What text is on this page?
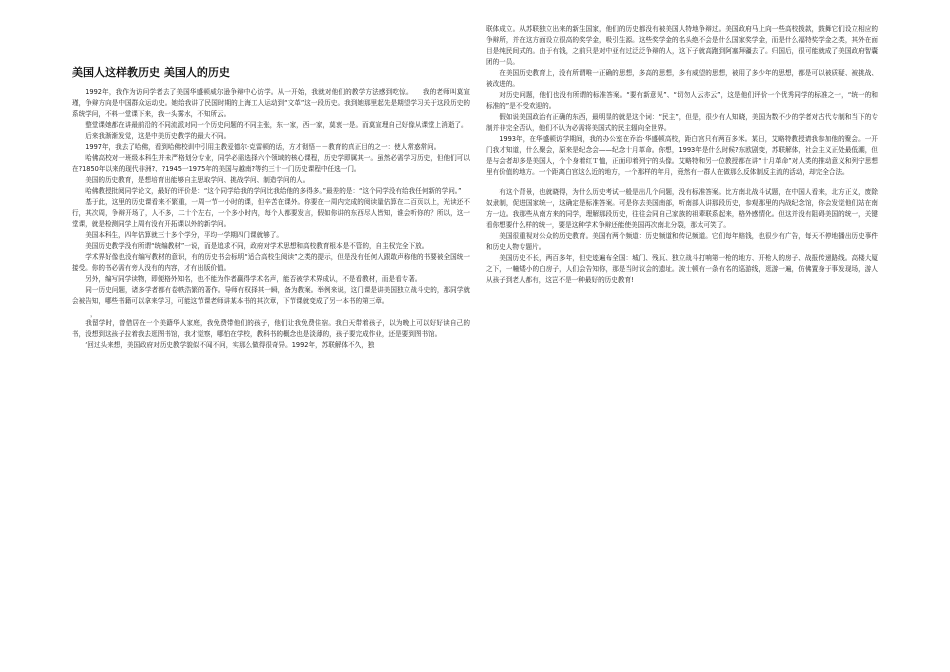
美国人这样教历史 美国人的历史

1992年，我作为访问学者去了美国华盛顿威尔逊争辩中心访学。从一开始，我就对他们的教学方法感到吃惊。　　我的老师叫莫宣瑾，争辩方向是中国群众运动史。她给我讲了民国时期的上海工人运动到“文革”这一段历史。我到她那里起先是期望学习关于这段历史的系统学问，不料一堂课下来，我一头雾水，不知所云。

整堂课她都在讲最前沿的不同流派对同一个历史问题的不同主张，东一家，西一家，莫衷一是。而莫宣理自己好像从课堂上消逝了。

后来我渐渐发觉，这是中美历史教学的最大不同。

1997年，我去了哈佛，看到哈佛校训中引用主教爱德尔·克雷顿的话，方才彻悟－－教育的真正目的之一：使人常惑常问。

哈佛高校对一班级本科生并未严格划分专业，同学必需选择六个领域的核心课程，历史学即属其一。虽然必需学习历史，但他们可以在?1850年以来的现代非洲?、?1945一1975年的美国与越南?等约三十一门历史课程中任选一门。

美国的历史教育，是想培育出能够自主思取学问、挑战学问、制造学问的人。

哈佛教授批阅同学论文，最好的评价是：“这个同学给我的学问比我给他的多得多。”最差的是：“这个同学没有给我任何新的学问。”

基于此，这里的历史课看来不繁重，一周一节一小时的课，但辛苦在课外。你要在一周内完成的阅读量估算在二百页以上，光读还不行，其次周，争辩开场了，人不多，二十个左右，一个多小时内，每个人都要发言，假如你讲的东西尽人皆知，谁会听你的？所以，这一堂课，就是检测同学上周有没有开拓课以外的新学问。

美国本科生，四年估算就三十多个学分，平均一学期四门课就够了。

美国历史教学没有所谓“统编教材”一说，而是追求不同，政府对学术思想和高校教育根本是不管的，自主权完全下放。

学术界好像也没有编写教材的意识，有的历史书会标明“适合高校生阅读”之类的提示，但是没有任何人跟敢声称他的书要被全国统一接受。你的书必需有旁人没有的内容，才有出版价值。

另外，编写同学读物，即便格外知名，也不能为作者赢得学术名声，能否被学术界成认，不是看教材，而是看专著。

同一历史问题，诸多学者都有卷帙浩繁的著作。导师有权择其一瞬，备为教案。举例来说，这门课是讲美国独立战斗史的，那同学就会被告知，哪些书籍可以拿来学习，可能这节课老师讲某本书的其次章，下节课就变成了另一本书的第三章。

，

我留学时，曾借居在一个美籍华人家庭，我免费带他们的孩子，他们让我免费住宿。我白天带着孩子，以为晚上可以好好读自己的书，没想到这孩子拉着我去逛图书馆，我才觉察，哪怕在学校，教科书的概念也是淡薄的，孩子要完成作业，还是要到图书馆。

‘回过头来想，美国政府对历史教学貌似不闻不问，实那么做得很奇异。1992年，苏联解体不久，独

联体成立。从苏联独立出来的新生国家，他们的历史都没有被美国人特地争辩过。美国政府马上向一些高校拨款，鼓舞它们设立相应的争辩所，并在这方面设立很高的奖学金，吸引生源。这些奖学金的名头绝不会是什么国家奖学金，而是什么福特奖学金之类，其外在面目是纯民间式的。由于有钱，之前只是对中亚有过泛泛争辩的人，这下子就高跑到阿塞拜疆去了。归国后，很可能就成了美国政府智囊团的一员。

在美国历史教育上，没有所谓唯一正确的思想，多高的思想，多有威望的思想，被用了多少年的思想，都是可以被质疑、被挑战、被改进的。

对历史问题，他们也没有所谓的标准答案。“要有新意见”、“切勿人云亦云”，这是他们评价一个优秀同学的标准之一，“统一的和标准的”是不受欢迎的。

假如说美国政治有正确的东西，最明显的就是这个词：“民主”，但是，很少有人知晓，美国为数不少的学者对古代专制和当下的专制并非完全否认，他们不认为必需将美国式的民主辐向全世界。

1993年，在华盛顿访学期间，我的办公室在乔治·华盛顿高校，距白宫只有两百多米。某日，艾略特教授请我参加他的聚会。一开门我才知道，什么聚会，原来是纪念会——纪念十月革命。你想，1993年是什么时候?东欧剧变，苏联解体，社会主义正处最低潮，但是与会者却多是美国人，个个身着红Ｔ恤，正面印着列宁的头像。艾略特和另一位教授都在讲“十月革命”对人类的推动意义和列宁思想里有价值的地方。一个距离白宫这么近的地方，一个那样的年月，竟然有一群人在做那么反体制反主流的活动，却完全合法。

有这个背景，也就晓得，为什么历史考试一般是出几个问题，没有标准答案。比方南北战斗试题，在中国人看来，北方正义，废除奴隶制，促进国家统一，这确定是标准答案。可是你去美国南部，听南部人讲那段历史，参观那里的内战纪念馆，你会发觉他们站在南方一边。我那些从南方来的同学，理解那段历史，往往会同自己家族的祖辈联系起来，格外感情化。但这并没有阻碍美国的统一，关键看你想要什么样的统一，要是这种学术争辩还能使美国再次南北分裂，那太可笑了。

美国很重视对公众的历史教育。美国有两个频道：历史频道和传记频道。它们每年赔钱，也很少有广告，每天不停地播出历史事件和历史人物专题片。

美国历史不长，两百多年，但史迹遍布全国：城门、残瓦、独立战斗打响第一枪的地方、开枪人的房子、战报传递路线。高楼大厦之下，一幢矮小的白房子，人们会告知你，那是当时议会的遗址。波士顿有一条有名的巡游线，逛游一遍，仿佛置身于事发现场，游人从孩子到老人都有，这岂不是一种最好的历史教育!
